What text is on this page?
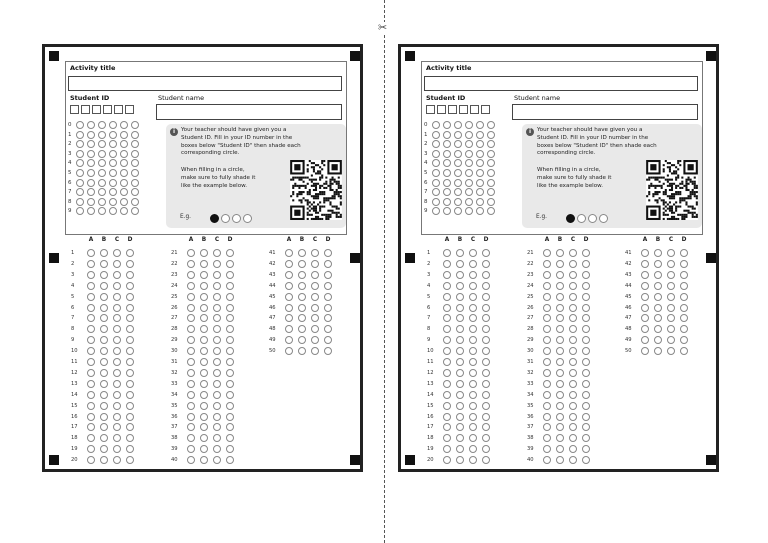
✂
Activity title
Student ID	Student name
0
1
2
3
4
5
6
7
8
9
i	Your teacher should have given you a
Student ID. Fill in your ID number in the
boxes below "Student ID" then shade each
corresponding circle.
When filling in a circle,
make sure to fully shade it
like the example below.
E.g.
A	B	C	D
1
2
3
4
5
6
7
8
9
10
11
12
13
14
15
16
17
18
19
20
A	B	C	D
21
22
23
24
25
26
27
28
29
30
31
32
33
34
35
36
37
38
39
40
A	B	C	D
41
42
43
44
45
46
47
48
49
50
Activity title
Student ID	Student name
0
1
2
3
4
5
6
7
8
9
i	Your teacher should have given you a
Student ID. Fill in your ID number in the
boxes below "Student ID" then shade each
corresponding circle.
When filling in a circle,
make sure to fully shade it
like the example below.
E.g.
A	B	C	D
1
2
3
4
5
6
7
8
9
10
11
12
13
14
15
16
17
18
19
20
A	B	C	D
21
22
23
24
25
26
27
28
29
30
31
32
33
34
35
36
37
38
39
40
A	B	C	D
41
42
43
44
45
46
47
48
49
50
